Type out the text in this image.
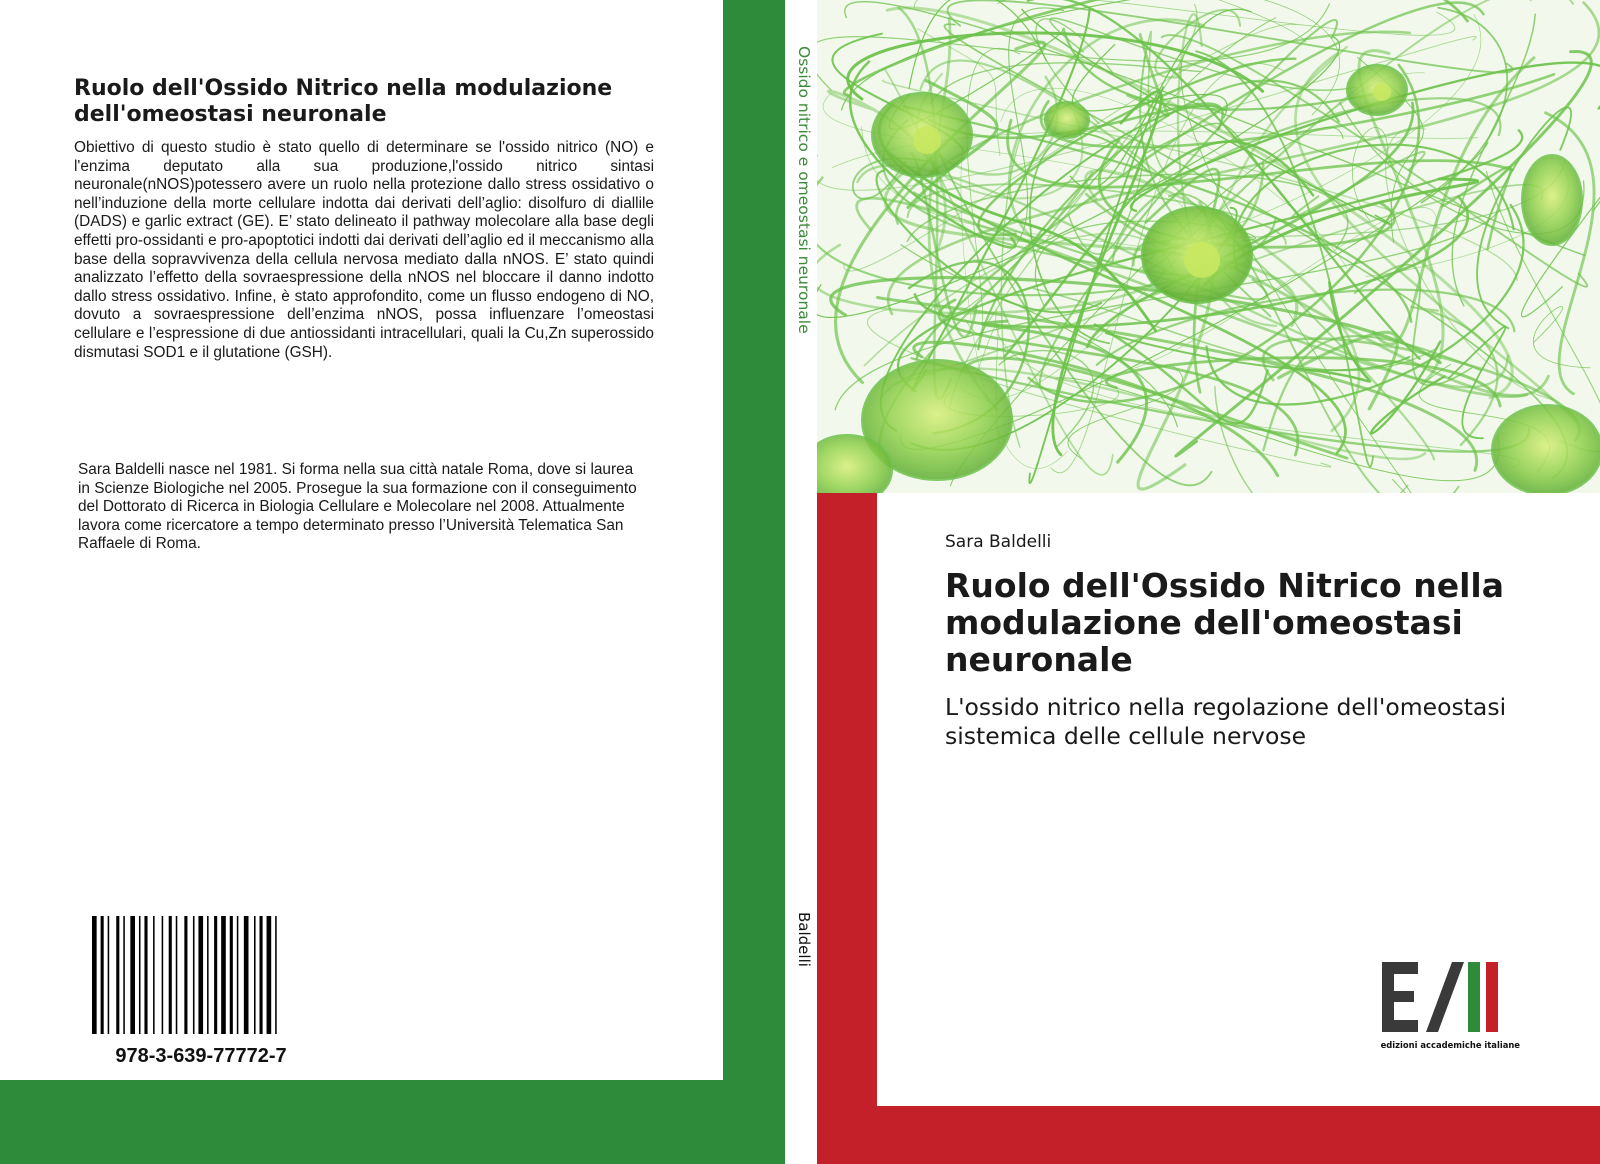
Ruolo dell'Ossido Nitrico nella modulazione dell'omeostasi neuronale

Obiettivo di questo studio è stato quello di determinare se l'ossido nitrico (NO) e l'enzima deputato alla sua produzione,l'ossido nitrico sintasi neuronale(nNOS)potessero avere un ruolo nella protezione dallo stress ossidativo o nell’induzione della morte cellulare indotta dai derivati dell’aglio: disolfuro di diallile (DADS) e garlic extract (GE). E’ stato delineato il pathway molecolare alla base degli effetti pro-ossidanti e pro-apoptotici indotti dai derivati dell’aglio ed il meccanismo alla base della sopravvivenza della cellula nervosa mediato dalla nNOS. E’ stato quindi analizzato l’effetto della sovraespressione della nNOS nel bloccare il danno indotto dallo stress ossidativo. Infine, è stato approfondito, come un flusso endogeno di NO, dovuto a sovraespressione dell’enzima nNOS, possa influenzare l’omeostasi cellulare e l’espressione di due antiossidanti intracellulari, quali la Cu,Zn superossido dismutasi SOD1 e il glutatione (GSH).

Sara Baldelli nasce nel 1981. Si forma nella sua città natale Roma, dove si laurea in Scienze Biologiche nel 2005. Prosegue la sua formazione con il conseguimento del Dottorato di Ricerca in Biologia Cellulare e Molecolare nel 2008. Attualmente lavora come ricercatore a tempo determinato presso l’Università Telematica San Raffaele di Roma.

978-3-639-77772-7
Ossido nitrico e omeostasi neuronale
Baldelli
Sara Baldelli
Ruolo dell'Ossido Nitrico nella modulazione dell'omeostasi neuronale

L'ossido nitrico nella regolazione dell'omeostasi sistemica delle cellule nervose

edizioni accademiche italiane
